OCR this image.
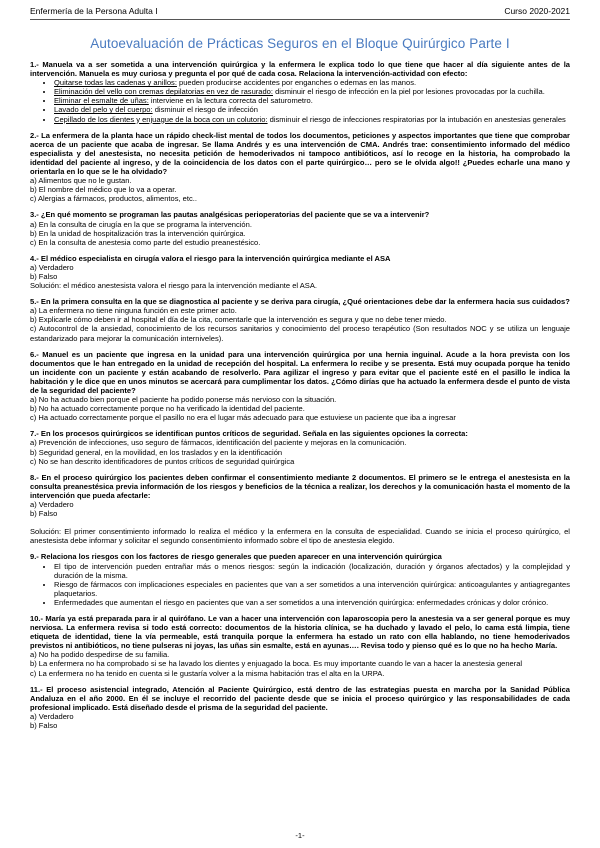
Enfermería de la Persona Adulta I	Curso 2020-2021
Autoevaluación de Prácticas Seguros en el Bloque Quirúrgico Parte I

1.- Manuela va a ser sometida a una intervención quirúrgica y la enfermera le explica todo lo que tiene que hacer al día siguiente antes de la intervención. Manuela es muy curiosa y pregunta el por qué de cada cosa. Relaciona la intervención-actividad con efecto:

• Quitarse todas las cadenas y anillos: pueden producirse accidentes por enganches o edemas en las manos.
• Eliminación del vello con cremas depilatorias en vez de rasurado: disminuir el riesgo de infección en la piel por lesiones provocadas por la cuchilla.
• Eliminar el esmalte de uñas: interviene en la lectura correcta del saturometro.
• Lavado del pelo y del cuerpo: disminuir el riesgo de infección
• Cepillado de los dientes y enjuague de la boca con un colutorio: disminuir el riesgo de infecciones respiratorias por la intubación en anestesias generales

2.- La enfermera de la planta hace un rápido check-list mental de todos los documentos, peticiones y aspectos importantes que tiene que comprobar acerca de un paciente que acaba de ingresar. Se llama Andrés y es una intervención de CMA. Andrés trae: consentimiento informado del médico especialista y del anestesista, no necesita petición de hemoderivados ni tampoco antibióticos, así lo recoge en la historia, ha comprobado la identidad del paciente al ingreso, y de la coincidencia de los datos con el parte quirúrgico… pero se le olvida algo!! ¿Puedes echarle una mano y orientarla en lo que se le ha olvidado?

a) Alimentos que no le gustan.

b) El nombre del médico que lo va a operar.

c) Alergias a fármacos, productos, alimentos, etc..

3.- ¿En qué momento se programan las pautas analgésicas perioperatorias del paciente que se va a intervenir?

a) En la consulta de cirugía en la que se programa la intervención.

b) En la unidad de hospitalización tras la intervención quirúrgica.

c) En la consulta de anestesia como parte del estudio preanestésico.

4.- El médico especialista en cirugía valora el riesgo para la intervención quirúrgica mediante el ASA

a) Verdadero

b) Falso

Solución: el médico anestesista valora el riesgo para la intervención mediante el ASA.

5.- En la primera consulta en la que se diagnostica al paciente y se deriva para cirugía, ¿Qué orientaciones debe dar la enfermera hacia sus cuidados?

a) La enfermera no tiene ninguna función en este primer acto.

b) Explicarle cómo deben ir al hospital el día de la cita, comentarle que la intervención es segura y que no debe tener miedo.

c) Autocontrol de la ansiedad, conocimiento de los recursos sanitarios y conocimiento del proceso terapéutico (Son resultados NOC y se utiliza un lenguaje estandarizado para mejorar la comunicación interniveles).

6.- Manuel es un paciente que ingresa en la unidad para una intervención quirúrgica por una hernia inguinal. Acude a la hora prevista con los documentos que le han entregado en la unidad de recepción del hospital. La enfermera lo recibe y se presenta. Está muy ocupada porque ha tenido un incidente con un paciente y están acabando de resolverlo. Para agilizar el ingreso y para evitar que el paciente esté en el pasillo le indica la habitación y le dice que en unos minutos se acercará para cumplimentar los datos. ¿Cómo dirías que ha actuado la enfermera desde el punto de vista de la seguridad del paciente?

a) No ha actuado bien porque el paciente ha podido ponerse más nervioso con la situación.

b) No ha actuado correctamente porque no ha verificado la identidad del paciente.

c) Ha actuado correctamente porque el pasillo no era el lugar más adecuado para que estuviese un paciente que iba a ingresar

7.- En los procesos quirúrgicos se identifican puntos críticos de seguridad. Señala en las siguientes opciones la correcta:

a) Prevención de infecciones, uso seguro de fármacos, identificación del paciente y mejoras en la comunicación.

b) Seguridad general, en la movilidad, en los traslados y en la identificación

c) No se han descrito identificadores de puntos críticos de seguridad quirúrgica

8.- En el proceso quirúrgico los pacientes deben confirmar el consentimiento mediante 2 documentos. El primero se le entrega el anestesista en la consulta preanestésica previa información de los riesgos y beneficios de la técnica a realizar, los derechos y la comunicación hasta el momento de la intervención que pueda afectarle:

a) Verdadero

b) Falso

Solución: El primer consentimiento informado lo realiza el médico y la enfermera en la consulta de especialidad. Cuando se inicia el proceso quirúrgico, el anestesista debe informar y solicitar el segundo consentimiento informado sobre el tipo de anestesia elegido.

9.- Relaciona los riesgos con los factores de riesgo generales que pueden aparecer en una intervención quirúrgica

• El tipo de intervención pueden entrañar más o menos riesgos: según la indicación (localización, duración y órganos afectados) y la complejidad y duración de la misma.
• Riesgo de fármacos con implicaciones especiales en pacientes que van a ser sometidos a una intervención quirúrgica: anticoagulantes y antiagregantes plaquetarios.
• Enfermedades que aumentan el riesgo en pacientes que van a ser sometidos a una intervención quirúrgica: enfermedades crónicas y dolor crónico.

10.- María ya está preparada para ir al quirófano. Le van a hacer una intervención con laparoscopia pero la anestesia va a ser general porque es muy nerviosa. La enfermera revisa si todo está correcto: documentos de la historia clínica, se ha duchado y lavado el pelo, lo cama está limpia, tiene etiqueta de identidad, tiene la vía permeable, está tranquila porque la enfermera ha estado un rato con ella hablando, no tiene hemoderivados previstos ni antibióticos, no tiene pulseras ni joyas, las uñas sin esmalte, está en ayunas…. Revisa todo y pienso qué es lo que no ha hecho María.

a) No ha podido despedirse de su familia.

b) La enfermera no ha comprobado si se ha lavado los dientes y enjuagado la boca. Es muy importante cuando le van a hacer la anestesia general

c) La enfermera no ha tenido en cuenta si le gustaría volver a la misma habitación tras el alta en la URPA.

11.- El proceso asistencial integrado, Atención al Paciente Quirúrgico, está dentro de las estrategias puesta en marcha por la Sanidad Pública Andaluza en el año 2000. En él se incluye el recorrido del paciente desde que se inicia el proceso quirúrgico y las responsabilidades de cada profesional implicado. Está diseñado desde el prisma de la seguridad del paciente.

a) Verdadero

b) Falso

-1-
